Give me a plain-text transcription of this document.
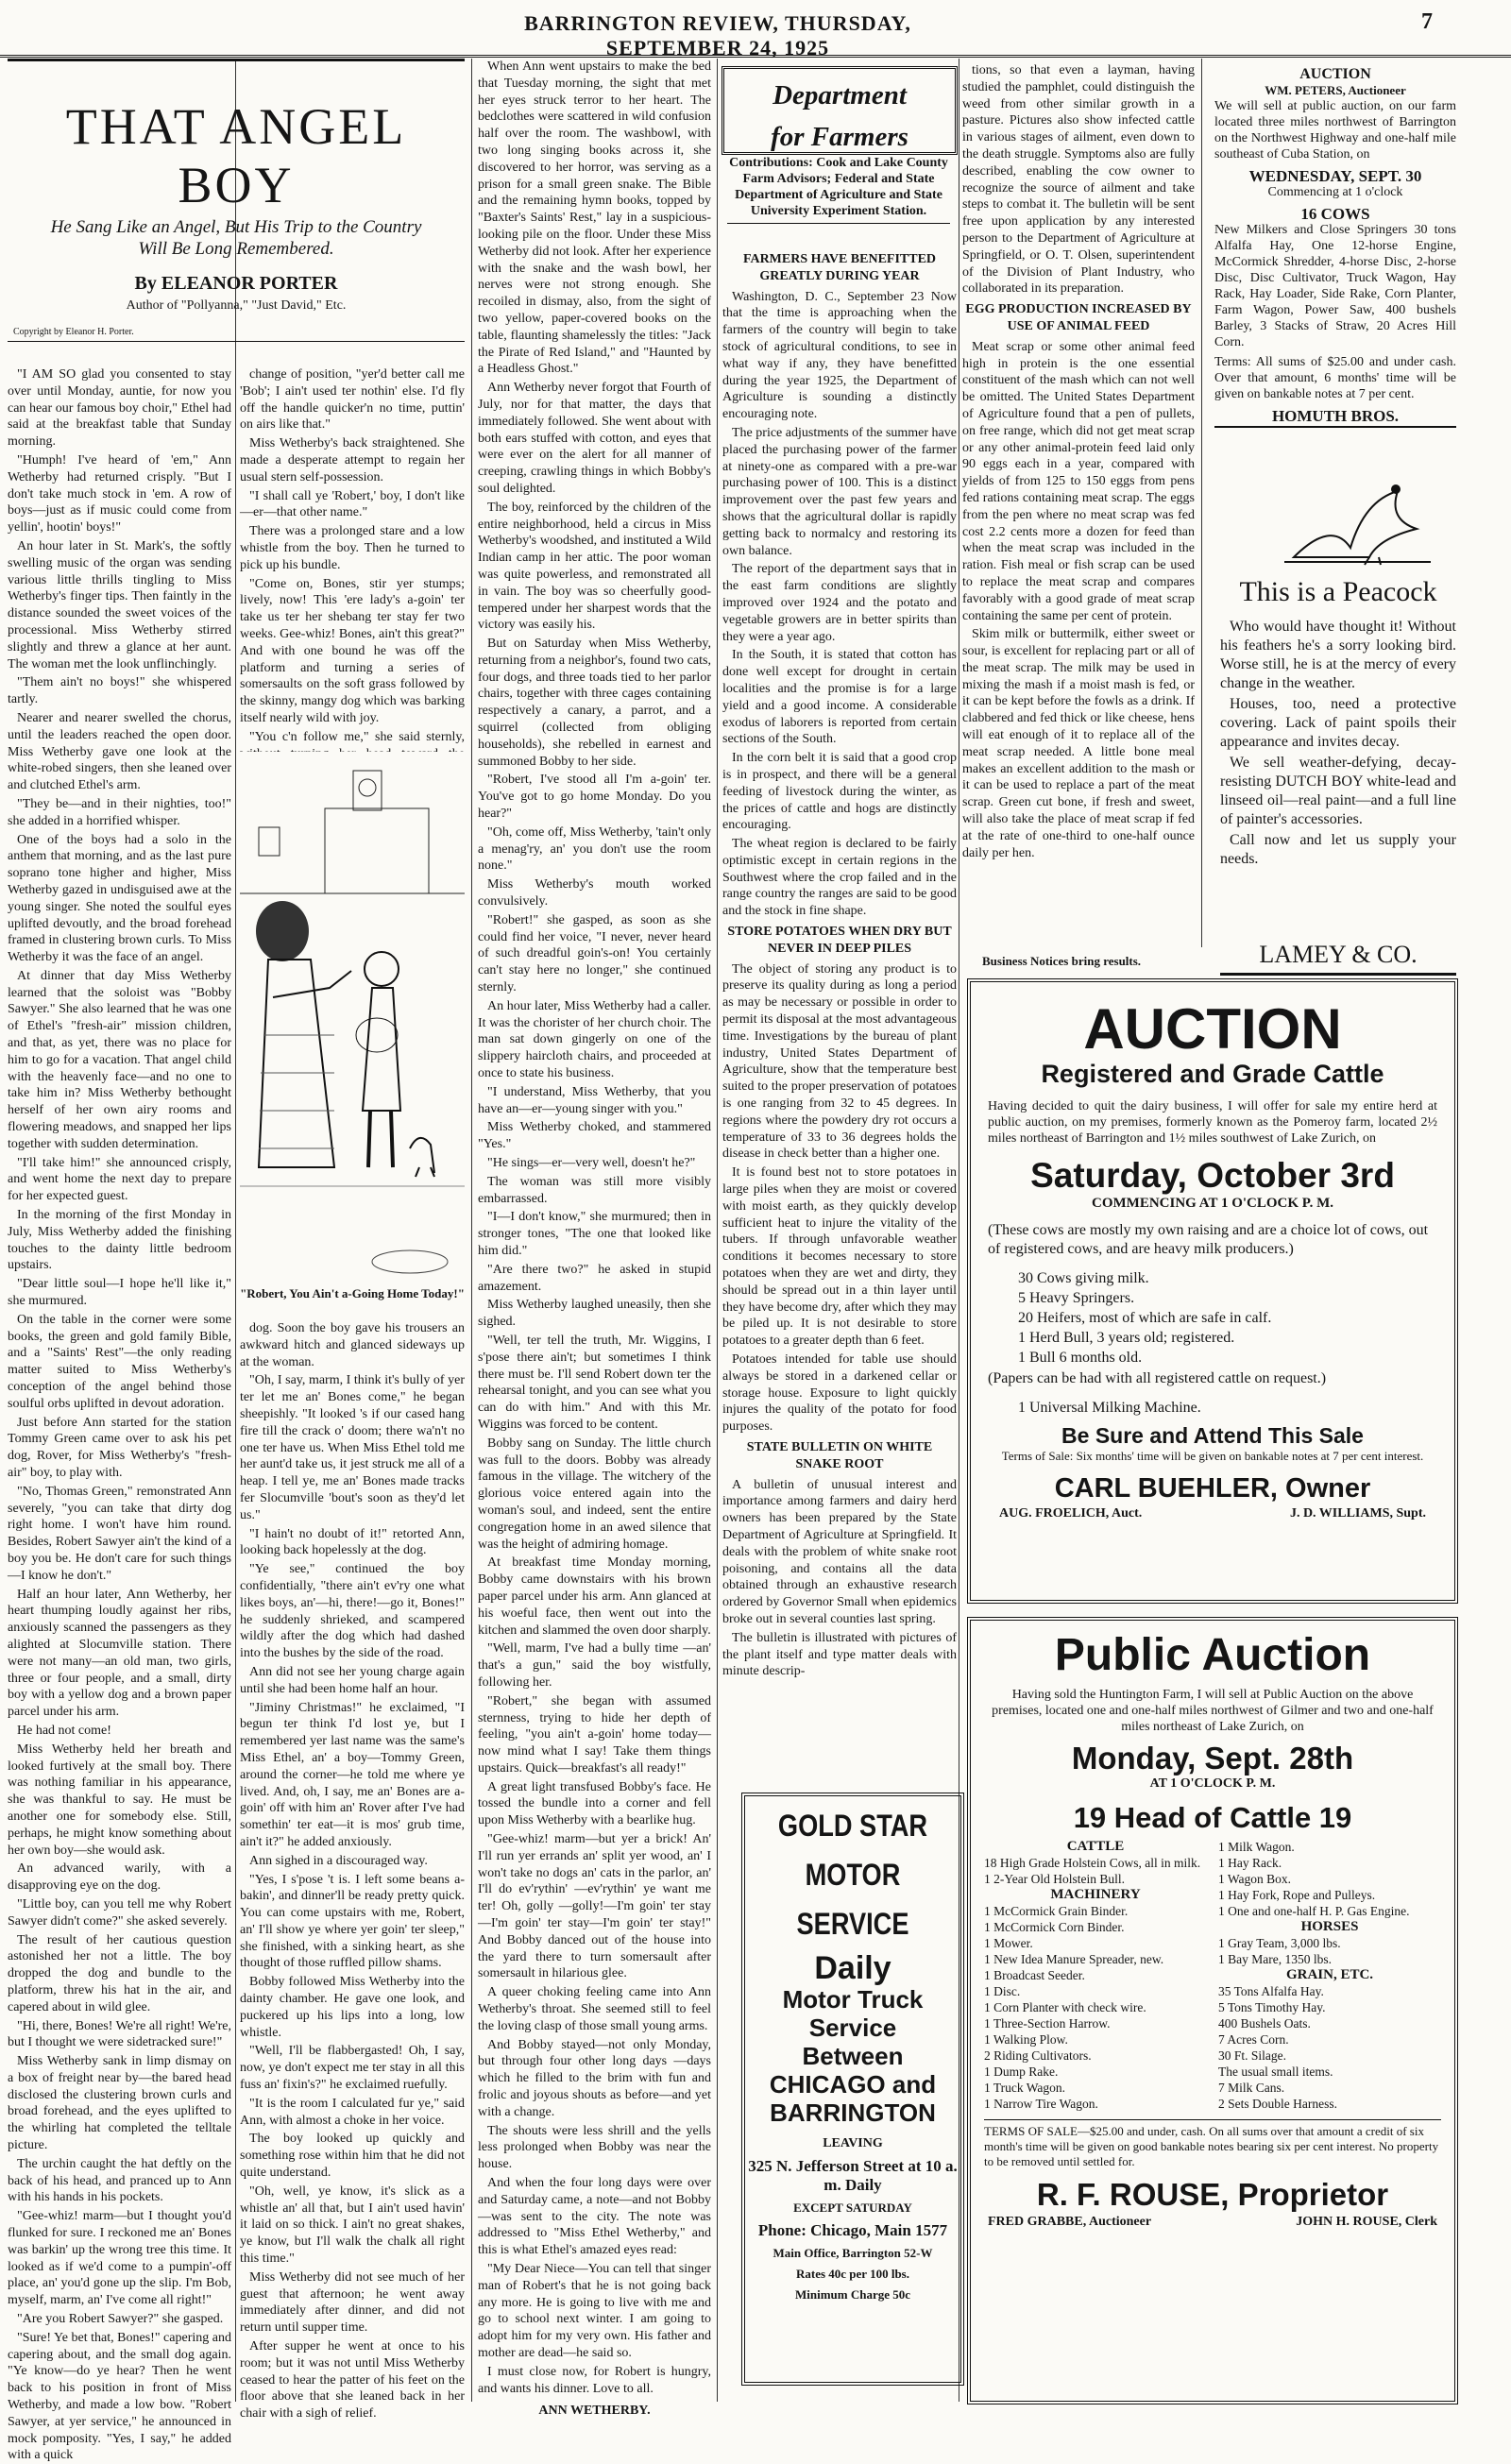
BARRINGTON REVIEW, THURSDAY, SEPTEMBER 24, 1925
7
THAT ANGEL BOY
He Sang Like an Angel, But His Trip to the Country Will Be Long Remembered.
By ELEANOR PORTER
Author of "Pollyanna," "Just David," Etc.
Copyright by Eleanor H. Porter.

"I AM SO glad you consented to stay over until Monday, auntie, for now you can hear our famous boy choir," Ethel had said at the breakfast table that Sunday morning.

"Humph! I've heard of 'em," Ann Wetherby had returned crisply. "But I don't take much stock in 'em. A row of boys—just as if music could come from yellin', hootin' boys!"

An hour later in St. Mark's, the softly swelling music of the organ was sending various little thrills tingling to Miss Wetherby's finger tips. Then faintly in the distance sounded the sweet voices of the processional. Miss Wetherby stirred slightly and threw a glance at her aunt. The woman met the look unflinchingly.

"Them ain't no boys!" she whispered tartly.

Nearer and nearer swelled the chorus, until the leaders reached the open door. Miss Wetherby gave one look at the white-robed singers, then she leaned over and clutched Ethel's arm.

"They be—and in their nighties, too!" she added in a horrified whisper.

One of the boys had a solo in the anthem that morning, and as the last pure soprano tone higher and higher, Miss Wetherby gazed in undisguised awe at the young singer. She noted the soulful eyes uplifted devoutly, and the broad forehead framed in clustering brown curls. To Miss Wetherby it was the face of an angel.

At dinner that day Miss Wetherby learned that the soloist was "Bobby Sawyer." She also learned that he was one of Ethel's "fresh-air" mission children, and that, as yet, there was no place for him to go for a vacation. That angel child with the heavenly face—and no one to take him in? Miss Wetherby bethought herself of her own airy rooms and flowering meadows, and snapped her lips together with sudden determination.

"I'll take him!" she announced crisply, and went home the next day to prepare for her expected guest.

In the morning of the first Monday in July, Miss Wetherby added the finishing touches to the dainty little bedroom upstairs.

"Dear little soul—I hope he'll like it," she murmured.

On the table in the corner were some books, the green and gold family Bible, and a "Saints' Rest"—the only reading matter suited to Miss Wetherby's conception of the angel behind those soulful orbs uplifted in devout adoration.

Just before Ann started for the station Tommy Green came over to ask his pet dog, Rover, for Miss Wetherby's "fresh-air" boy, to play with.

"No, Thomas Green," remonstrated Ann severely, "you can take that dirty dog right home. I won't have him round. Besides, Robert Sawyer ain't the kind of a boy you be. He don't care for such things—I know he don't."

Half an hour later, Ann Wetherby, her heart thumping loudly against her ribs, anxiously scanned the passengers as they alighted at Slocumville station. There were not many—an old man, two girls, three or four people, and a small, dirty boy with a yellow dog and a brown paper parcel under his arm.

He had not come!

Miss Wetherby held her breath and looked furtively at the small boy. There was nothing familiar in his appearance, she was thankful to say. He must be another one for somebody else. Still, perhaps, he might know something about her own boy—she would ask.

An advanced warily, with a disapproving eye on the dog.

"Little boy, can you tell me why Robert Sawyer didn't come?" she asked severely.

The result of her cautious question astonished her not a little. The boy dropped the dog and bundle to the platform, threw his hat in the air, and capered about in wild glee.

"Hi, there, Bones! We're all right! We're, but I thought we were sidetracked sure!"

Miss Wetherby sank in limp dismay on a box of freight near by—the bared head disclosed the clustering brown curls and broad forehead, and the eyes uplifted to the whirling hat completed the telltale picture.

The urchin caught the hat deftly on the back of his head, and pranced up to Ann with his hands in his pockets.

"Gee-whiz! marm—but I thought you'd flunked for sure. I reckoned me an' Bones was barkin' up the wrong tree this time. It looked as if we'd come to a pumpin'-off place, an' you'd gone up the slip. I'm Bob, myself, marm, an' I've come all right!"

"Are you Robert Sawyer?" she gasped.

"Sure! Ye bet that, Bones!" capering and capering about, and the small dog again. "Ye know—do ye hear? Then he went back to his position in front of Miss Wetherby, and made a low bow. "Robert Sawyer, at yer service," he announced in mock pomposity. "Yes, I say," he added with a quick

change of position, "yer'd better call me 'Bob'; I ain't used ter nothin' else. I'd fly off the handle quicker'n no time, puttin' on airs like that."

Miss Wetherby's back straightened. She made a desperate attempt to regain her usual stern self-possession.

"I shall call ye 'Robert,' boy, I don't like—er—that other name."

There was a prolonged stare and a low whistle from the boy. Then he turned to pick up his bundle.

"Come on, Bones, stir yer stumps; lively, now! This 'ere lady's a-goin' ter take us ter her shebang ter stay fer two weeks. Gee-whiz! Bones, ain't this great?" And with one bound he was off the platform and turning a series of somersaults on the soft grass followed by the skinny, mangy dog which was barking itself nearly wild with joy.

"You c'n follow me," she said sternly,

"Robert, You Ain't a-Going Home Today!"

dog. Soon the boy gave his trousers an awkward hitch and glanced sideways up at the woman.

"Oh, I say, marm, I think it's bully of yer ter let me an' Bones come," he began sheepishly. "It looked 's if our cased hang fire till the crack o' doom; there wa'n't no one ter have us. When Miss Ethel told me her aunt'd take us, it jest struck me all of a heap. I tell ye, me an' Bones made tracks fer Slocumville 'bout's soon as they'd let us."

"I hain't no doubt of it!" retorted Ann, looking back hopelessly at the dog.

"Ye see," continued the boy confidentially, "there ain't ev'ry one what likes boys, an'—hi, there!—go it, Bones!" he suddenly shrieked, and scampered wildly after the dog which had dashed into the bushes by the side of the road.

Ann did not see her young charge again until she had been home half an hour.

"Jiminy Christmas!" he exclaimed, "I begun ter think I'd lost ye, but I remembered yer last name was the same's Miss Ethel, an' a boy—Tommy Green, around the corner—he told me where ye lived. And, oh, I say, me an' Bones are a-goin' off with him an' Rover after I've had somethin' ter eat—it is mos' grub time, ain't it?" he added anxiously.

Ann sighed in a discouraged way.

"Yes, I s'pose 't is. I left some beans a-bakin', and dinner'll be ready pretty quick. You can come upstairs with me, Robert, an' I'll show ye where yer goin' ter sleep," she finished, with a sinking heart, as she thought of those ruffled pillow shams.

Bobby followed Miss Wetherby into the dainty chamber. He gave one look, and puckered up his lips into a long, low whistle.

"Well, I'll be flabbergasted! Oh, I say, now, ye don't expect me ter stay in all this fuss an' fixin's?" he exclaimed ruefully.

"It is the room I calculated fur ye," said Ann, with almost a choke in her voice.

The boy looked up quickly and something rose within him that he did not quite understand.

"Oh, well, ye know, it's slick as a whistle an' all that, but I ain't used havin' it laid on so thick. I ain't no great shakes, ye know, but I'll walk the chalk all right this time."

Miss Wetherby did not see much of her guest that afternoon; he went away immediately after dinner, and did not return until supper time.

After supper he went at once to his room; but it was not until Miss Wetherby ceased to hear the patter of his feet on the floor above that she leaned back in her chair with a sigh of relief.

When Ann went upstairs to make the bed that Tuesday morning, the sight that met her eyes struck terror to her heart. The bedclothes were scattered in wild confusion half over the room. The washbowl, with two long singing books across it, she discovered to her horror, was serving as a prison for a small green snake. The Bible and the remaining hymn books, topped by "Baxter's Saints' Rest," lay in a suspicious-looking pile on the floor. Under these Miss Wetherby did not look. After her experience with the snake and the wash bowl, her nerves were not strong enough. She recoiled in dismay, also, from the sight of two yellow, paper-covered books on the table, flaunting shamelessly the titles: "Jack the Pirate of Red Island," and "Haunted by a Headless Ghost."

Ann Wetherby never forgot that Fourth of July, nor for that matter, the days that immediately followed. She went about with both ears stuffed with cotton, and eyes that were ever on the alert for all manner of creeping, crawling things in which Bobby's soul delighted.

The boy, reinforced by the children of the entire neighborhood, held a circus in Miss Wetherby's woodshed, and instituted a Wild Indian camp in her attic. The poor woman was quite powerless, and remonstrated all in vain. The boy was so cheerfully good-tempered under her sharpest words that the victory was easily his.

But on Saturday when Miss Wetherby, returning from a neighbor's, found two cats, four dogs, and three toads tied to her parlor chairs, together with three cages containing respectively a canary, a parrot, and a squirrel (collected from obliging households), she rebelled in earnest and summoned Bobby to her side.

"Robert, I've stood all I'm a-goin' ter. You've got to go home Monday. Do you hear?"

"Oh, come off, Miss Wetherby, 'tain't only a menag'ry, an' you don't use the room none."

Miss Wetherby's mouth worked convulsively.

"Robert!" she gasped, as soon as she could find her voice, "I never, never heard of such dreadful goin's-on! You certainly can't stay here no longer," she continued sternly.

An hour later, Miss Wetherby had a caller. It was the chorister of her church choir. The man sat down gingerly on one of the slippery haircloth chairs, and proceeded at once to state his business.

"I understand, Miss Wetherby, that you have an—er—young singer with you."

Miss Wetherby choked, and stammered "Yes."

"He sings—er—very well, doesn't he?"

The woman was still more visibly embarrassed.

"I—I don't know," she murmured; then in stronger tones, "The one that looked like him did."

"Are there two?" he asked in stupid amazement.

Miss Wetherby laughed uneasily, then she sighed.

"Well, ter tell the truth, Mr. Wiggins, I s'pose there ain't; but sometimes I think there must be. I'll send Robert down ter the rehearsal tonight, and you can see what you can do with him." And with this Mr. Wiggins was forced to be content.

Bobby sang on Sunday. The little church was full to the doors. Bobby was already famous in the village. The witchery of the glorious voice entered again into the woman's soul, and indeed, sent the entire congregation home in an awed silence that was the height of admiring homage.

At breakfast time Monday morning, Bobby came downstairs with his brown paper parcel under his arm. Ann glanced at his woeful face, then went out into the kitchen and slammed the oven door sharply.

"Well, marm, I've had a bully time —an' that's a gun," said the boy wistfully, following her.

"Robert," she began with assumed sternness, trying to hide her depth of feeling, "you ain't a-goin' home today—now mind what I say! Take them things upstairs. Quick—breakfast's all ready!"

A great light transfused Bobby's face. He tossed the bundle into a corner and fell upon Miss Wetherby with a bearlike hug.

"Gee-whiz! marm—but yer a brick! An' I'll run yer errands an' split yer wood, an' I won't take no dogs an' cats in the parlor, an' I'll do ev'rythin' —ev'rythin' ye want me ter! Oh, golly —golly!—I'm goin' ter stay—I'm goin' ter stay—I'm goin' ter stay!" And Bobby danced out of the house into the yard there to turn somersault after somersault in hilarious glee.

A queer choking feeling came into Ann Wetherby's throat. She seemed still to feel the loving clasp of those small young arms.

And Bobby stayed—not only Monday, but through four other long days —days which he filled to the brim with fun and frolic and joyous shouts as before—and yet with a change.

The shouts were less shrill and the yells less prolonged when Bobby was near the house.

And when the four long days were over and Saturday came, a note—and not Bobby—was sent to the city. The note was addressed to "Miss Ethel Wetherby," and this is what Ethel's amazed eyes read:

"My Dear Niece—You can tell that singer man of Robert's that he is not going back any more. He is going to live with me and go to school next winter. I am going to adopt him for my very own. His father and mother are dead—he said so.

I must close now, for Robert is hungry, and wants his dinner. Love to all.

ANN WETHERBY.
Department
for Farmers
Contributions: Cook and Lake County Farm Advisors; Federal and State Department of Agriculture and State University Experiment Station.
FARMERS HAVE BENEFITTED GREATLY DURING YEAR

Washington, D. C., September 23 Now that the time is approaching when the farmers of the country will begin to take stock of agricultural conditions, to see in what way if any, they have benefitted during the year 1925, the Department of Agriculture is sounding a distinctly encouraging note.

The price adjustments of the summer have placed the purchasing power of the farmer at ninety-one as compared with a pre-war purchasing power of 100. This is a distinct improvement over the past few years and shows that the agricultural dollar is rapidly getting back to normalcy and restoring its own balance.

The report of the department says that in the east farm conditions are slightly improved over 1924 and the potato and vegetable growers are in better spirits than they were a year ago.

In the South, it is stated that cotton has done well except for drought in certain localities and the promise is for a large yield and a good income. A considerable exodus of laborers is reported from certain sections of the South.

In the corn belt it is said that a good crop is in prospect, and there will be a general feeding of livestock during the winter, as the prices of cattle and hogs are distinctly encouraging.

The wheat region is declared to be fairly optimistic except in certain regions in the Southwest where the crop failed and in the range country the ranges are said to be good and the stock in fine shape.

STORE POTATOES WHEN DRY BUT NEVER IN DEEP PILES

The object of storing any product is to preserve its quality during as long a period as may be necessary or possible in order to permit its disposal at the most advantageous time. Investigations by the bureau of plant industry, United States Department of Agriculture, show that the temperature best suited to the proper preservation of potatoes is one ranging from 32 to 45 degrees. In regions where the powdery dry rot occurs a temperature of 33 to 36 degrees holds the disease in check better than a higher one.

It is found best not to store potatoes in large piles when they are moist or covered with moist earth, as they quickly develop sufficient heat to injure the vitality of the tubers. If through unfavorable weather conditions it becomes necessary to store potatoes when they are wet and dirty, they should be spread out in a thin layer until they have become dry, after which they may be piled up. It is not desirable to store potatoes to a greater depth than 6 feet.

Potatoes intended for table use should always be stored in a darkened cellar or storage house. Exposure to light quickly injures the quality of the potato for food purposes.

STATE BULLETIN ON WHITE SNAKE ROOT

A bulletin of unusual interest and importance among farmers and dairy herd owners has been prepared by the State Department of Agriculture at Springfield. It deals with the problem of white snake root poisoning, and contains all the data obtained through an exhaustive research ordered by Governor Small when epidemics broke out in several counties last spring.

The bulletin is illustrated with pictures of the plant itself and type matter deals with minute descrip-

GOLD STAR
MOTOR
SERVICE
Daily
Motor Truck
Service
Between
CHICAGO and
BARRINGTON
LEAVING
325 N. Jefferson Street at 10 a. m. Daily
EXCEPT SATURDAY
Phone: Chicago, Main 1577
Main Office, Barrington 52-W
Rates 40c per 100 lbs.
Minimum Charge 50c

tions, so that even a layman, having studied the pamphlet, could distinguish the weed from other similar growth in a pasture. Pictures also show infected cattle in various stages of ailment, even down to the death struggle. Symptoms also are fully described, enabling the cow owner to recognize the source of ailment and take steps to combat it. The bulletin will be sent free upon application by any interested person to the Department of Agriculture at Springfield, or O. T. Olsen, superintendent of the Division of Plant Industry, who collaborated in its preparation.

EGG PRODUCTION INCREASED BY USE OF ANIMAL FEED

Meat scrap or some other animal feed high in protein is the one essential constituent of the mash which can not well be omitted. The United States Department of Agriculture found that a pen of pullets, on free range, which did not get meat scrap or any other animal-protein feed laid only 90 eggs each in a year, compared with yields of from 125 to 150 eggs from pens fed rations containing meat scrap. The eggs from the pen where no meat scrap was fed cost 2.2 cents more a dozen for feed than when the meat scrap was included in the ration. Fish meal or fish scrap can be used to replace the meat scrap and compares favorably with a good grade of meat scrap containing the same per cent of protein.

Skim milk or buttermilk, either sweet or sour, is excellent for replacing part or all of the meat scrap. The milk may be used in mixing the mash if a moist mash is fed, or it can be kept before the fowls as a drink. If clabbered and fed thick or like cheese, hens will eat enough of it to replace all of the meat scrap needed. A little bone meal makes an excellent addition to the mash or it can be used to replace a part of the meat scrap. Green cut bone, if fresh and sweet, will also take the place of meat scrap if fed at the rate of one-third to one-half ounce daily per hen.

Business Notices bring results.
AUCTION
WM. PETERS, Auctioneer
We will sell at public auction, on our farm located three miles northwest of Barrington on the Northwest Highway and one-half mile southeast of Cuba Station, on
WEDNESDAY, SEPT. 30
Commencing at 1 o'clock
16 COWS
New Milkers and Close Springers 30 tons Alfalfa Hay, One 12-horse Engine, McCormick Shredder, 4-horse Disc, 2-horse Disc, Disc Cultivator, Truck Wagon, Hay Rack, Hay Loader, Side Rake, Corn Planter, Farm Wagon, Power Saw, 400 bushels Barley, 3 Stacks of Straw, 20 Acres Hill Corn.
Terms: All sums of $25.00 and under cash. Over that amount, 6 months' time will be given on bankable notes at 7 per cent.
HOMUTH BROS.
This is a Peacock

Who would have thought it! Without his feathers he's a sorry looking bird. Worse still, he is at the mercy of every change in the weather.

Houses, too, need a protective covering. Lack of paint spoils their appearance and invites decay.

We sell weather-defying, decay-resisting DUTCH BOY white-lead and linseed oil—real paint—and a full line of painter's accessories.

Call now and let us supply your needs.

LAMEY & CO.
AUCTION
Registered and Grade Cattle
Having decided to quit the dairy business, I will offer for sale my entire herd at public auction, on my premises, formerly known as the Pomeroy farm, located 2½ miles northeast of Barrington and 1½ miles southwest of Lake Zurich, on
Saturday, October 3rd
COMMENCING AT 1 O'CLOCK P. M.
(These cows are mostly my own raising and are a choice lot of cows, out of registered cows, and are heavy milk producers.)
30 Cows giving milk.
5 Heavy Springers.
20 Heifers, most of which are safe in calf.
1 Herd Bull, 3 years old; registered.
1 Bull 6 months old.
(Papers can be had with all registered cattle on request.)
1 Universal Milking Machine.
Be Sure and Attend This Sale
Terms of Sale: Six months' time will be given on bankable notes at 7 per cent interest.
CARL BUEHLER, Owner
AUG. FROELICH, Auct.	J. D. WILLIAMS, Supt.
Public Auction
Having sold the Huntington Farm, I will sell at Public Auction on the above premises, located one and one-half miles northwest of Gilmer and two and one-half miles northeast of Lake Zurich, on
Monday, Sept. 28th
AT 1 O'CLOCK P. M.
19 Head of Cattle 19
CATTLE
18 High Grade Holstein Cows, all in milk.
1 2-Year Old Holstein Bull.
MACHINERY
1 McCormick Grain Binder.
1 McCormick Corn Binder.
1 Mower.
1 New Idea Manure Spreader, new.
1 Broadcast Seeder.
1 Disc.
1 Corn Planter with check wire.
1 Three-Section Harrow.
1 Walking Plow.
2 Riding Cultivators.
1 Dump Rake.
1 Truck Wagon.
1 Narrow Tire Wagon.
1 Milk Wagon.
1 Hay Rack.
1 Wagon Box.
1 Hay Fork, Rope and Pulleys.
1 One and one-half H. P. Gas Engine.
HORSES
1 Gray Team, 3,000 lbs.
1 Bay Mare, 1350 lbs.
GRAIN, ETC.
35 Tons Alfalfa Hay.
5 Tons Timothy Hay.
400 Bushels Oats.
7 Acres Corn.
30 Ft. Silage.
The usual small items.
7 Milk Cans.
2 Sets Double Harness.
TERMS OF SALE—$25.00 and under, cash. On all sums over that amount a credit of six month's time will be given on good bankable notes bearing six per cent interest. No property to be removed until settled for.
R. F. ROUSE, Proprietor
FRED GRABBE, Auctioneer	JOHN H. ROUSE, Clerk
